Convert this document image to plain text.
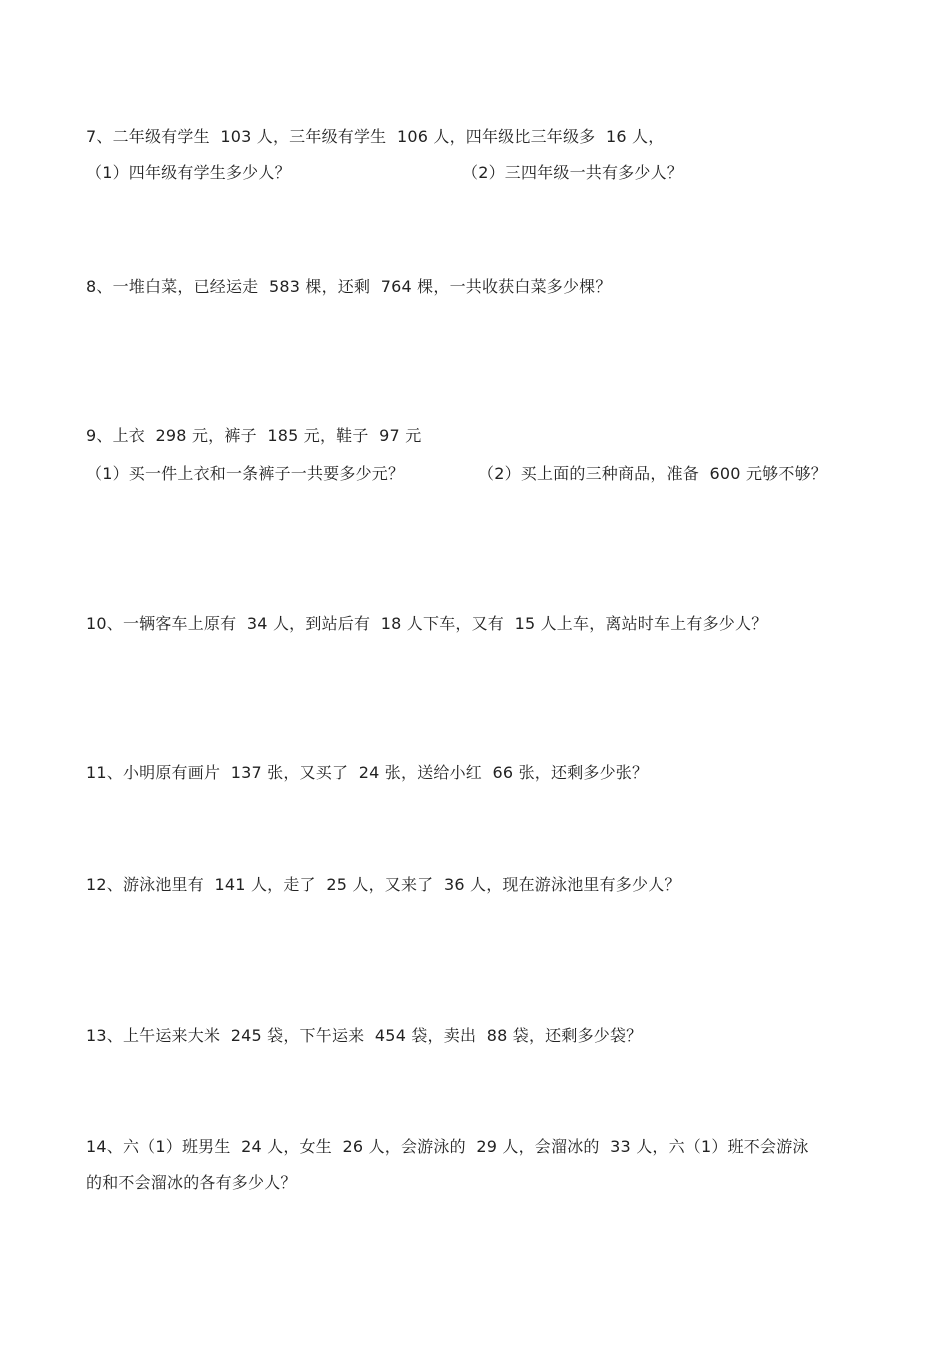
7、二年级有学生  103 人，三年级有学生  106 人，四年级比三年级多  16 人，
（1）四年级有学生多少人？	（2）三四年级一共有多少人？
8、一堆白菜，已经运走  583 棵，还剩  764 棵，一共收获白菜多少棵？
9、上衣  298 元，裤子  185 元，鞋子  97 元
（1）买一件上衣和一条裤子一共要多少元？	（2）买上面的三种商品，准备  600 元够不够？
10、一辆客车上原有  34 人，到站后有  18 人下车，又有  15 人上车，离站时车上有多少人？
11、小明原有画片  137 张，又买了  24 张，送给小红  66 张，还剩多少张？
12、游泳池里有  141 人，走了  25 人，又来了  36 人，现在游泳池里有多少人？
13、上午运来大米  245 袋，下午运来  454 袋，卖出  88 袋，还剩多少袋？
14、六（1）班男生  24 人，女生  26 人，会游泳的  29 人，会溜冰的  33 人，六（1）班不会游泳
的和不会溜冰的各有多少人？
